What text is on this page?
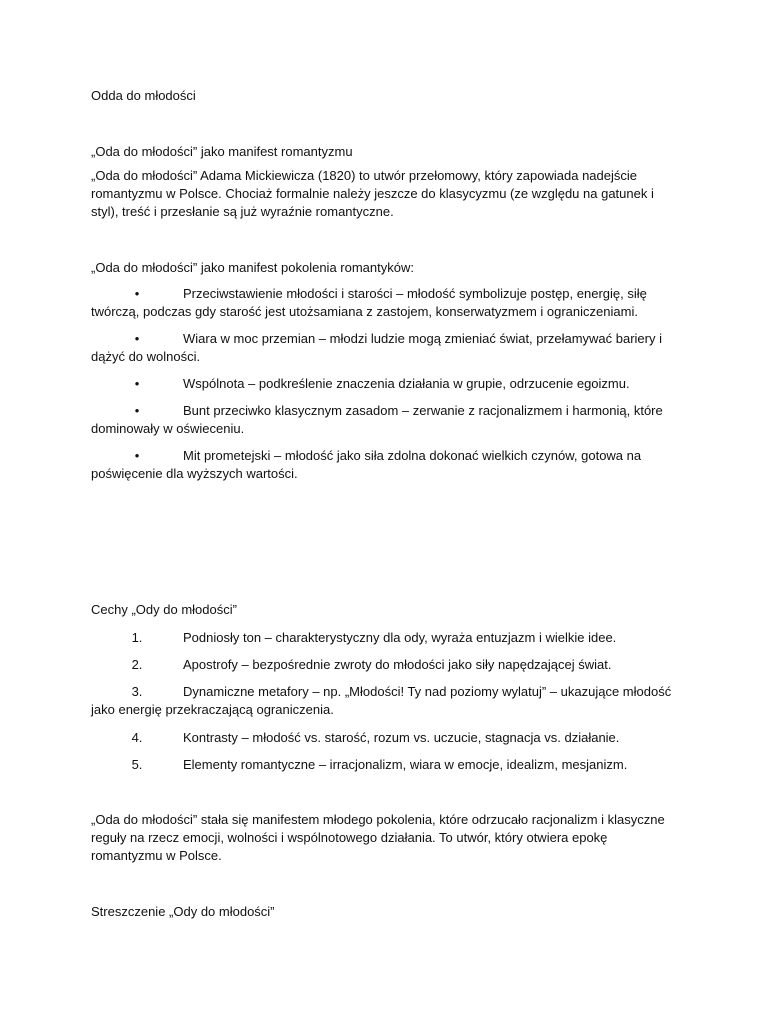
Odda do młodości

„Oda do młodości” jako manifest romantyzmu

„Oda do młodości” Adama Mickiewicza (1820) to utwór przełomowy, który zapowiada nadejście romantyzmu w Polsce. Chociaż formalnie należy jeszcze do klasycyzmu (ze względu na gatunek i styl), treść i przesłanie są już wyraźnie romantyczne.

„Oda do młodości” jako manifest pokolenia romantyków:

•	Przeciwstawienie młodości i starości – młodość symbolizuje postęp, energię, siłę twórczą, podczas gdy starość jest utożsamiana z zastojem, konserwatyzmem i ograniczeniami.

•	Wiara w moc przemian – młodzi ludzie mogą zmieniać świat, przełamywać bariery i dążyć do wolności.

•	Wspólnota – podkreślenie znaczenia działania w grupie, odrzucenie egoizmu.

•	Bunt przeciwko klasycznym zasadom – zerwanie z racjonalizmem i harmonią, które dominowały w oświeceniu.

•	Mit prometejski – młodość jako siła zdolna dokonać wielkich czynów, gotowa na poświęcenie dla wyższych wartości.

Cechy „Ody do młodości”

1.	Podniosły ton – charakterystyczny dla ody, wyraża entuzjazm i wielkie idee.

2.	Apostrofy – bezpośrednie zwroty do młodości jako siły napędzającej świat.

3.	Dynamiczne metafory – np. „Młodości! Ty nad poziomy wylatuj” – ukazujące młodość jako energię przekraczającą ograniczenia.

4.	Kontrasty – młodość vs. starość, rozum vs. uczucie, stagnacja vs. działanie.

5.	Elementy romantyczne – irracjonalizm, wiara w emocje, idealizm, mesjanizm.

„Oda do młodości” stała się manifestem młodego pokolenia, które odrzucało racjonalizm i klasyczne reguły na rzecz emocji, wolności i wspólnotowego działania. To utwór, który otwiera epokę romantyzmu w Polsce.

Streszczenie „Ody do młodości”
